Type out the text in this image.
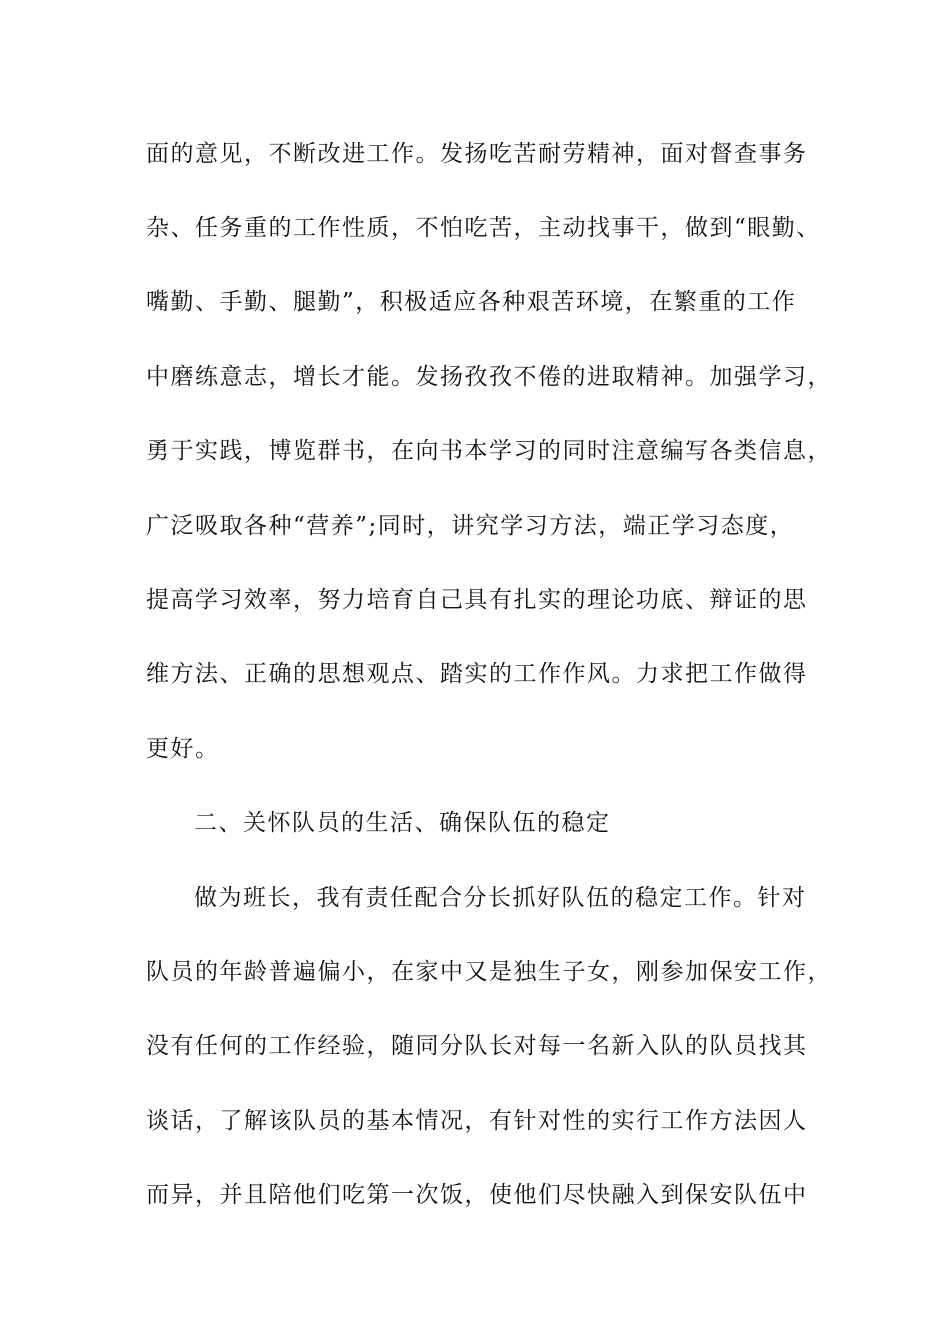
面的意见，不断改进工作。发扬吃苦耐劳精神，面对督查事务
杂、任务重的工作性质，不怕吃苦，主动找事干，做到“眼勤、
嘴勤、手勤、腿勤”，积极适应各种艰苦环境，在繁重的工作
中磨练意志，增长才能。发扬孜孜不倦的进取精神。加强学习，
勇于实践，博览群书，在向书本学习的同时注意编写各类信息，
广泛吸取各种“营养”;同时，讲究学习方法，端正学习态度，
提高学习效率，努力培育自己具有扎实的理论功底、辩证的思
维方法、正确的思想观点、踏实的工作作风。力求把工作做得
更好。
二、关怀队员的生活、确保队伍的稳定
做为班长，我有责任配合分长抓好队伍的稳定工作。针对
队员的年龄普遍偏小，在家中又是独生子女，刚参加保安工作，
没有任何的工作经验，随同分队长对每一名新入队的队员找其
谈话，了解该队员的基本情况，有针对性的实行工作方法因人
而异，并且陪他们吃第一次饭，使他们尽快融入到保安队伍中
